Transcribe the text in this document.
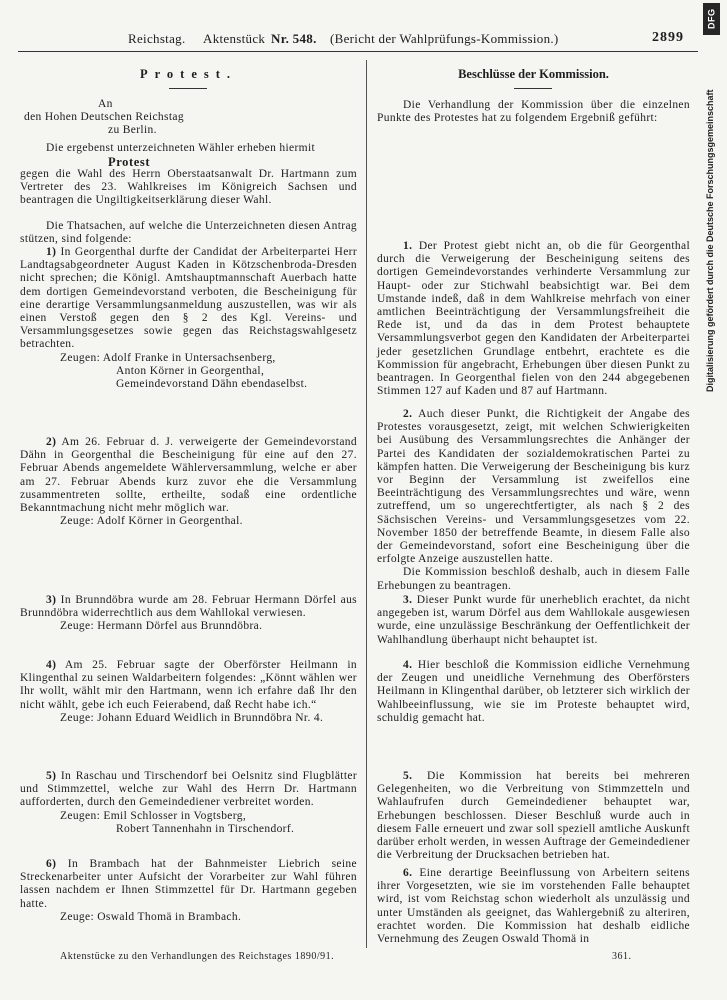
Reichstag. Aktenstück Nr. 548. (Bericht der Wahlprüfungs-Kommission.)	2899
DFG
Digitalisierung gefördert durch die Deutsche Forschungsgemeinschaft
Protest.
An
den Hohen Deutschen Reichstag
zu Berlin.

Die ergebenst unterzeichneten Wähler erheben hiermit

Protest

gegen die Wahl des Herrn Oberstaatsanwalt Dr. Hartmann zum Vertreter des 23. Wahlkreises im Königreich Sachsen und beantragen die Ungiltigkeitserklärung dieser Wahl.

Die Thatsachen, auf welche die Unterzeichneten diesen Antrag stützen, sind folgende:

1) In Georgenthal durfte der Candidat der Arbeiterpartei Herr Landtagsabgeordneter August Kaden in Kötzschenbroda-Dresden nicht sprechen; die Königl. Amtshauptmannschaft Auerbach hatte dem dortigen Gemeindevorstand verboten, die Bescheinigung für eine derartige Versammlungsanmeldung auszustellen, was wir als einen Verstoß gegen den § 2 des Kgl. Vereins- und Versammlungsgesetzes sowie gegen das Reichstagswahlgesetz betrachten.

Zeugen: Adolf Franke in Untersachsenberg,

Anton Körner in Georgenthal,

Gemeindevorstand Dähn ebendaselbst.

2) Am 26. Februar d. J. verweigerte der Gemeindevorstand Dähn in Georgenthal die Bescheinigung für eine auf den 27. Februar Abends angemeldete Wählerversammlung, welche er aber am 27. Februar Abends kurz zuvor ehe die Versammlung zusammentreten sollte, ertheilte, sodaß eine ordentliche Bekanntmachung nicht mehr möglich war.

Zeuge: Adolf Körner in Georgenthal.

3) In Brunndöbra wurde am 28. Februar Hermann Dörfel aus Brunndöbra widerrechtlich aus dem Wahllokal verwiesen.

Zeuge: Hermann Dörfel aus Brunndöbra.

4) Am 25. Februar sagte der Oberförster Heilmann in Klingenthal zu seinen Waldarbeitern folgendes: „Könnt wählen wer Ihr wollt, wählt mir den Hartmann, wenn ich erfahre daß Ihr den nicht wählt, gebe ich euch Feierabend, daß Recht habe ich.“

Zeuge: Johann Eduard Weidlich in Brunndöbra Nr. 4.

5) In Raschau und Tirschendorf bei Oelsnitz sind Flugblätter und Stimmzettel, welche zur Wahl des Herrn Dr. Hartmann aufforderten, durch den Gemeindediener verbreitet worden.

Zeugen: Emil Schlosser in Vogtsberg,

Robert Tannenhahn in Tirschendorf.

6) In Brambach hat der Bahnmeister Liebrich seine Streckenarbeiter unter Aufsicht der Vorarbeiter zur Wahl führen lassen nachdem er Ihnen Stimmzettel für Dr. Hartmann gegeben hatte.

Zeuge: Oswald Thomä in Brambach.

Beschlüsse der Kommission.

Die Verhandlung der Kommission über die einzelnen Punkte des Protestes hat zu folgendem Ergebniß geführt:

1. Der Protest giebt nicht an, ob die für Georgenthal durch die Verweigerung der Bescheinigung seitens des dortigen Gemeindevorstandes verhinderte Versammlung zur Haupt- oder zur Stichwahl beabsichtigt war. Bei dem Umstande indeß, daß in dem Wahlkreise mehrfach von einer amtlichen Beeinträchtigung der Versammlungsfreiheit die Rede ist, und da das in dem Protest behauptete Versammlungsverbot gegen den Kandidaten der Arbeiterpartei jeder gesetzlichen Grundlage entbehrt, erachtete es die Kommission für angebracht, Erhebungen über diesen Punkt zu beantragen. In Georgenthal fielen von den 244 abgegebenen Stimmen 127 auf Kaden und 87 auf Hartmann.

2. Auch dieser Punkt, die Richtigkeit der Angabe des Protestes vorausgesetzt, zeigt, mit welchen Schwierigkeiten bei Ausübung des Versammlungsrechtes die Anhänger der Partei des Kandidaten der sozialdemokratischen Partei zu kämpfen hatten. Die Verweigerung der Bescheinigung bis kurz vor Beginn der Versammlung ist zweifellos eine Beeinträchtigung des Versammlungsrechtes und wäre, wenn zutreffend, um so ungerechtfertigter, als nach § 2 des Sächsischen Vereins- und Versammlungsgesetzes vom 22. November 1850 der betreffende Beamte, in diesem Falle also der Gemeindevorstand, sofort eine Bescheinigung über die erfolgte Anzeige auszustellen hatte.

Die Kommission beschloß deshalb, auch in diesem Falle Erhebungen zu beantragen.

3. Dieser Punkt wurde für unerheblich erachtet, da nicht angegeben ist, warum Dörfel aus dem Wahllokale ausgewiesen wurde, eine unzulässige Beschränkung der Oeffentlichkeit der Wahlhandlung überhaupt nicht behauptet ist.

4. Hier beschloß die Kommission eidliche Vernehmung der Zeugen und uneidliche Vernehmung des Oberförsters Heilmann in Klingenthal darüber, ob letzterer sich wirklich der Wahlbeeinflussung, wie sie im Proteste behauptet wird, schuldig gemacht hat.

5. Die Kommission hat bereits bei mehreren Gelegenheiten, wo die Verbreitung von Stimmzetteln und Wahlaufrufen durch Gemeindediener behauptet war, Erhebungen beschlossen. Dieser Beschluß wurde auch in diesem Falle erneuert und zwar soll speziell amtliche Auskunft darüber erholt werden, in wessen Auftrage der Gemeindediener die Verbreitung der Drucksachen betrieben hat.

6. Eine derartige Beeinflussung von Arbeitern seitens ihrer Vorgesetzten, wie sie im vorstehenden Falle behauptet wird, ist vom Reichstag schon wiederholt als unzulässig und unter Umständen als geeignet, das Wahlergebniß zu alteriren, erachtet worden. Die Kommission hat deshalb eidliche Vernehmung des Zeugen Oswald Thomä in

Aktenstücke zu den Verhandlungen des Reichstages 1890/91.	361.
